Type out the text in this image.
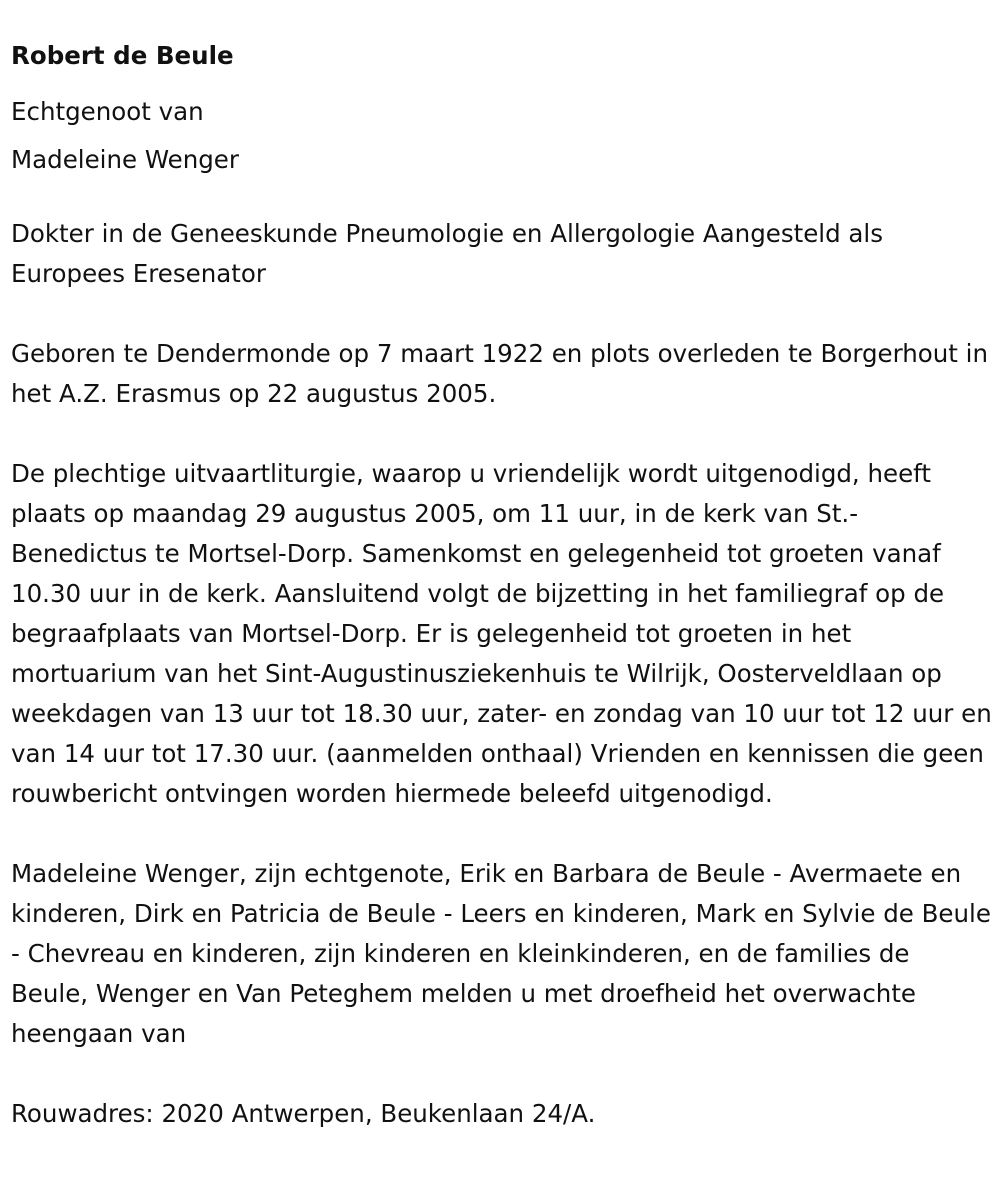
Robert de Beule

Echtgenoot van

Madeleine Wenger

Dokter in de Geneeskunde Pneumologie en Allergologie Aangesteld als Europees Eresenator

Geboren te Dendermonde op 7 maart 1922 en plots overleden te Borgerhout in het A.Z. Erasmus op 22 augustus 2005.

De plechtige uitvaartliturgie, waarop u vriendelijk wordt uitgenodigd, heeft plaats op maandag 29 augustus 2005, om 11 uur, in de kerk van St.-Benedictus te Mortsel-Dorp. Samenkomst en gelegenheid tot groeten vanaf 10.30 uur in de kerk. Aansluitend volgt de bijzetting in het familiegraf op de begraafplaats van Mortsel-Dorp. Er is gelegenheid tot groeten in het mortuarium van het Sint-Augustinusziekenhuis te Wilrijk, Oosterveldlaan op weekdagen van 13 uur tot 18.30 uur, zater- en zondag van 10 uur tot 12 uur en van 14 uur tot 17.30 uur. (aanmelden onthaal) Vrienden en kennissen die geen rouwbericht ontvingen worden hiermede beleefd uitgenodigd.

Madeleine Wenger, zijn echtgenote, Erik en Barbara de Beule - Avermaete en kinderen, Dirk en Patricia de Beule - Leers en kinderen, Mark en Sylvie de Beule - Chevreau en kinderen, zijn kinderen en kleinkinderen, en de families de Beule, Wenger en Van Peteghem melden u met droefheid het overwachte heengaan van

Rouwadres: 2020 Antwerpen, Beukenlaan 24/A.
